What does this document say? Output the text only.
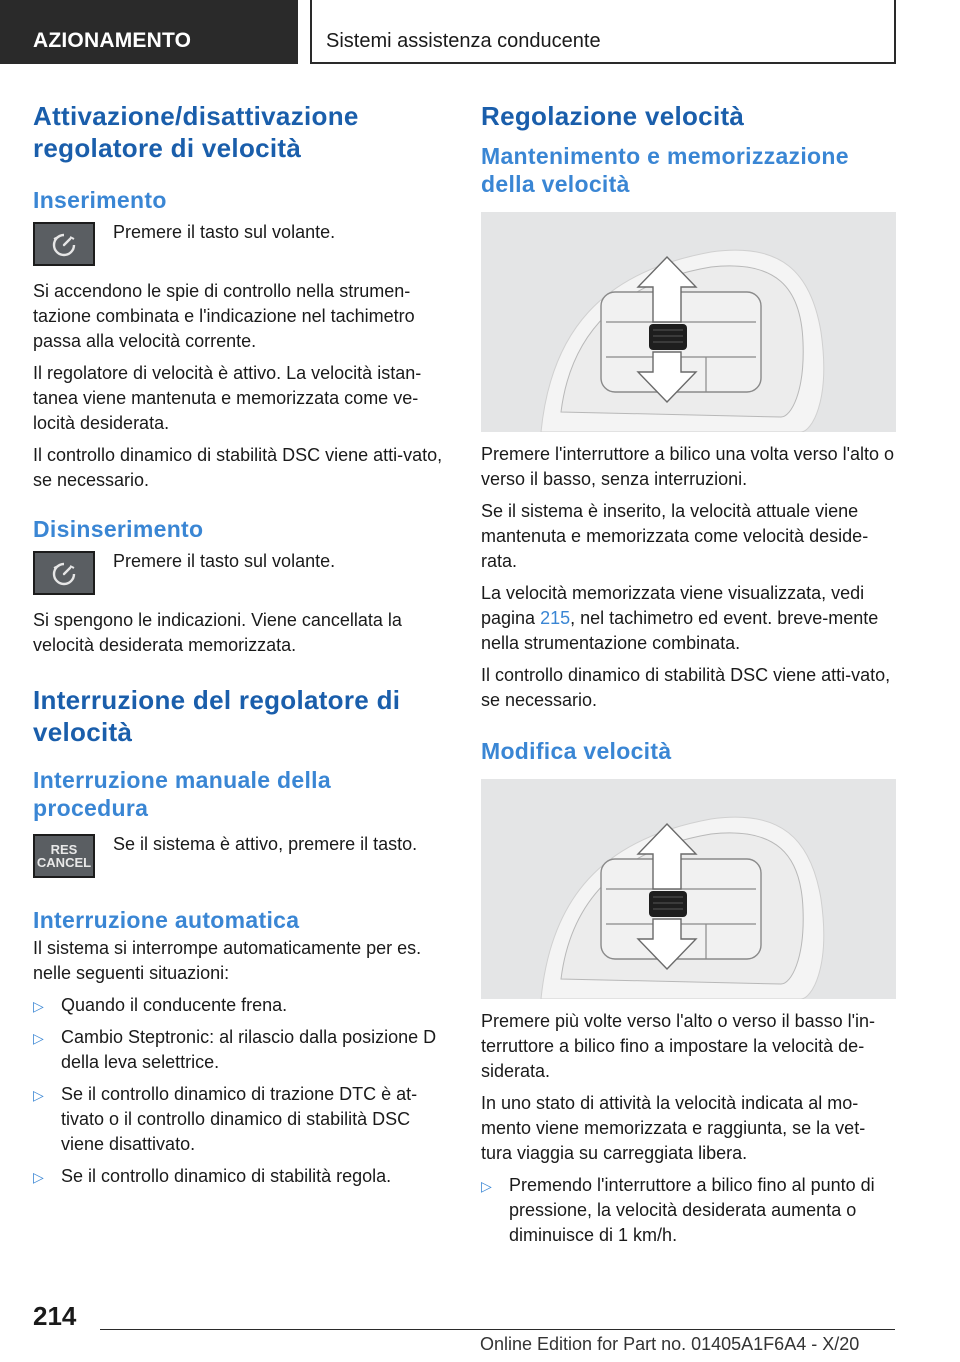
AZIONAMENTO	Sistemi assistenza conducente
Attivazione/disattivazione regolatore di velocità
Inserimento
Premere il tasto sul volante.

Si accendono le spie di controllo nella strumen-tazione combinata e l'indicazione nel tachimetro passa alla velocità corrente.

Il regolatore di velocità è attivo. La velocità istan-tanea viene mantenuta e memorizzata come ve-locità desiderata.

Il controllo dinamico di stabilità DSC viene atti-vato, se necessario.

Disinserimento
Premere il tasto sul volante.

Si spengono le indicazioni. Viene cancellata la velocità desiderata memorizzata.

Interruzione del regolatore di velocità
Interruzione manuale della procedura
RES
CANCEL
Se il sistema è attivo, premere il tasto.
Interruzione automatica

Il sistema si interrompe automaticamente per es. nelle seguenti situazioni:

▷ Quando il conducente frena.
▷ Cambio Steptronic: al rilascio dalla posizione D della leva selettrice.
▷ Se il controllo dinamico di trazione DTC è at-tivato o il controllo dinamico di stabilità DSC viene disattivato.
▷ Se il controllo dinamico di stabilità regola.
Regolazione velocità
Mantenimento e memorizzazione della velocità

Premere l'interruttore a bilico una volta verso l'alto o verso il basso, senza interruzioni.

Se il sistema è inserito, la velocità attuale viene mantenuta e memorizzata come velocità deside-rata.

La velocità memorizzata viene visualizzata, vedi pagina 215, nel tachimetro ed event. breve-mente nella strumentazione combinata.

Il controllo dinamico di stabilità DSC viene atti-vato, se necessario.

Modifica velocità

Premere più volte verso l'alto o verso il basso l'in-terruttore a bilico fino a impostare la velocità de-siderata.

In uno stato di attività la velocità indicata al mo-mento viene memorizzata e raggiunta, se la vet-tura viaggia su carreggiata libera.

▷ Premendo l'interruttore a bilico fino al punto di pressione, la velocità desiderata aumenta o diminuisce di 1 km/h.
214
Online Edition for Part no. 01405A1F6A4 - X/20
